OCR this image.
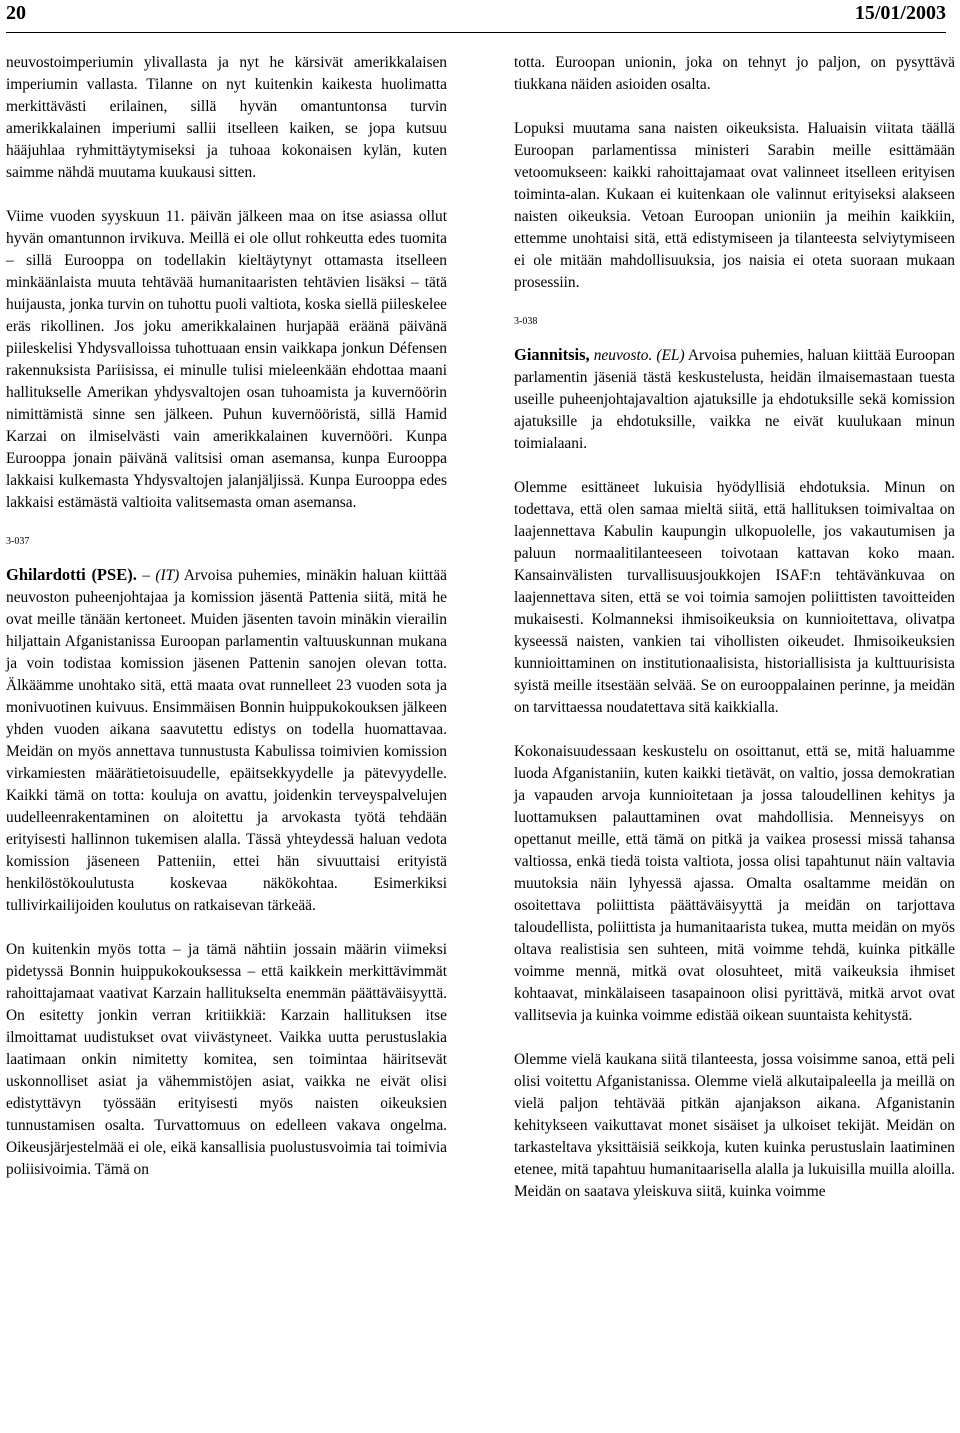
20	15/01/2003

neuvostoimperiumin ylivallasta ja nyt he kärsivät amerikkalaisen imperiumin vallasta. Tilanne on nyt kuitenkin kaikesta huolimatta merkittävästi erilainen, sillä hyvän omantuntonsa turvin amerikkalainen imperiumi sallii itselleen kaiken, se jopa kutsuu hääjuhlaa ryhmittäytymiseksi ja tuhoaa kokonaisen kylän, kuten saimme nähdä muutama kuukausi sitten.

Viime vuoden syyskuun 11. päivän jälkeen maa on itse asiassa ollut hyvän omantunnon irvikuva. Meillä ei ole ollut rohkeutta edes tuomita – sillä Eurooppa on todellakin kieltäytynyt ottamasta itselleen minkäänlaista muuta tehtävää humanitaaristen tehtävien lisäksi – tätä huijausta, jonka turvin on tuhottu puoli valtiota, koska siellä piileskelee eräs rikollinen. Jos joku amerikkalainen hurjapää eräänä päivänä piileskelisi Yhdysvalloissa tuhottuaan ensin vaikkapa jonkun Défensen rakennuksista Pariisissa, ei minulle tulisi mieleenkään ehdottaa maani hallitukselle Amerikan yhdysvaltojen osan tuhoamista ja kuvernöörin nimittämistä sinne sen jälkeen. Puhun kuvernööristä, sillä Hamid Karzai on ilmiselvästi vain amerikkalainen kuvernööri. Kunpa Eurooppa jonain päivänä valitsisi oman asemansa, kunpa Eurooppa lakkaisi kulkemasta Yhdysvaltojen jalanjäljissä. Kunpa Eurooppa edes lakkaisi estämästä valtioita valitsemasta oman asemansa.

3-037

Ghilardotti (PSE). – (IT) Arvoisa puhemies, minäkin haluan kiittää neuvoston puheenjohtajaa ja komission jäsentä Pattenia siitä, mitä he ovat meille tänään kertoneet. Muiden jäsenten tavoin minäkin vierailin hiljattain Afganistanissa Euroopan parlamentin valtuuskunnan mukana ja voin todistaa komission jäsenen Pattenin sanojen olevan totta. Älkäämme unohtako sitä, että maata ovat runnelleet 23 vuoden sota ja monivuotinen kuivuus. Ensimmäisen Bonnin huippukokouksen jälkeen yhden vuoden aikana saavutettu edistys on todella huomattavaa. Meidän on myös annettava tunnustusta Kabulissa toimivien komission virkamiesten määrätietoisuudelle, epäitsekkyydelle ja pätevyydelle. Kaikki tämä on totta: kouluja on avattu, joidenkin terveyspalvelujen uudelleenrakentaminen on aloitettu ja arvokasta työtä tehdään erityisesti hallinnon tukemisen alalla. Tässä yhteydessä haluan vedota komission jäseneen Patteniin, ettei hän sivuuttaisi erityistä henkilöstökoulutusta koskevaa näkökohtaa. Esimerkiksi tullivirkailijoiden koulutus on ratkaisevan tärkeää.

On kuitenkin myös totta – ja tämä nähtiin jossain määrin viimeksi pidetyssä Bonnin huippukokouksessa – että kaikkein merkittävimmät rahoittajamaat vaativat Karzain hallitukselta enemmän päättäväisyyttä. On esitetty jonkin verran kritiikkiä: Karzain hallituksen itse ilmoittamat uudistukset ovat viivästyneet. Vaikka uutta perustuslakia laatimaan onkin nimitetty komitea, sen toimintaa häiritsevät uskonnolliset asiat ja vähemmistöjen asiat, vaikka ne eivät olisi edistyttävyn työssään erityisesti myös naisten oikeuksien tunnustamisen osalta. Turvattomuus on edelleen vakava ongelma. Oikeusjärjestelmää ei ole, eikä kansallisia puolustusvoimia tai toimivia poliisivoimia. Tämä on

totta. Euroopan unionin, joka on tehnyt jo paljon, on pysyttävä tiukkana näiden asioiden osalta.

Lopuksi muutama sana naisten oikeuksista. Haluaisin viitata täällä Euroopan parlamentissa ministeri Sarabin meille esittämään vetoomukseen: kaikki rahoittajamaat ovat valinneet itselleen erityisen toiminta-alan. Kukaan ei kuitenkaan ole valinnut erityiseksi alakseen naisten oikeuksia. Vetoan Euroopan unioniin ja meihin kaikkiin, ettemme unohtaisi sitä, että edistymiseen ja tilanteesta selviytymiseen ei ole mitään mahdollisuuksia, jos naisia ei oteta suoraan mukaan prosessiin.

3-038

Giannitsis, neuvosto. (EL) Arvoisa puhemies, haluan kiittää Euroopan parlamentin jäseniä tästä keskustelusta, heidän ilmaisemastaan tuesta useille puheenjohtajavaltion ajatuksille ja ehdotuksille sekä komission ajatuksille ja ehdotuksille, vaikka ne eivät kuulukaan minun toimialaani.

Olemme esittäneet lukuisia hyödyllisiä ehdotuksia. Minun on todettava, että olen samaa mieltä siitä, että hallituksen toimivaltaa on laajennettava Kabulin kaupungin ulkopuolelle, jos vakautumisen ja paluun normaalitilanteeseen toivotaan kattavan koko maan. Kansainvälisten turvallisuusjoukkojen ISAF:n tehtävänkuvaa on laajennettava siten, että se voi toimia samojen poliittisten tavoitteiden mukaisesti. Kolmanneksi ihmisoikeuksia on kunnioitettava, olivatpa kyseessä naisten, vankien tai vihollisten oikeudet. Ihmisoikeuksien kunnioittaminen on institutionaalisista, historiallisista ja kulttuurisista syistä meille itsestään selvää. Se on eurooppalainen perinne, ja meidän on tarvittaessa noudatettava sitä kaikkialla.

Kokonaisuudessaan keskustelu on osoittanut, että se, mitä haluamme luoda Afganistaniin, kuten kaikki tietävät, on valtio, jossa demokratian ja vapauden arvoja kunnioitetaan ja jossa taloudellinen kehitys ja luottamuksen palauttaminen ovat mahdollisia. Menneisyys on opettanut meille, että tämä on pitkä ja vaikea prosessi missä tahansa valtiossa, enkä tiedä toista valtiota, jossa olisi tapahtunut näin valtavia muutoksia näin lyhyessä ajassa. Omalta osaltamme meidän on osoitettava poliittista päättäväisyyttä ja meidän on tarjottava taloudellista, poliittista ja humanitaarista tukea, mutta meidän on myös oltava realistisia sen suhteen, mitä voimme tehdä, kuinka pitkälle voimme mennä, mitkä ovat olosuhteet, mitä vaikeuksia ihmiset kohtaavat, minkälaiseen tasapainoon olisi pyrittävä, mitkä arvot ovat vallitsevia ja kuinka voimme edistää oikean suuntaista kehitystä.

Olemme vielä kaukana siitä tilanteesta, jossa voisimme sanoa, että peli olisi voitettu Afganistanissa. Olemme vielä alkutaipaleella ja meillä on vielä paljon tehtävää pitkän ajanjakson aikana. Afganistanin kehitykseen vaikuttavat monet sisäiset ja ulkoiset tekijät. Meidän on tarkasteltava yksittäisiä seikkoja, kuten kuinka perustuslain laatiminen etenee, mitä tapahtuu humanitaarisella alalla ja lukuisilla muilla aloilla. Meidän on saatava yleiskuva siitä, kuinka voimme
